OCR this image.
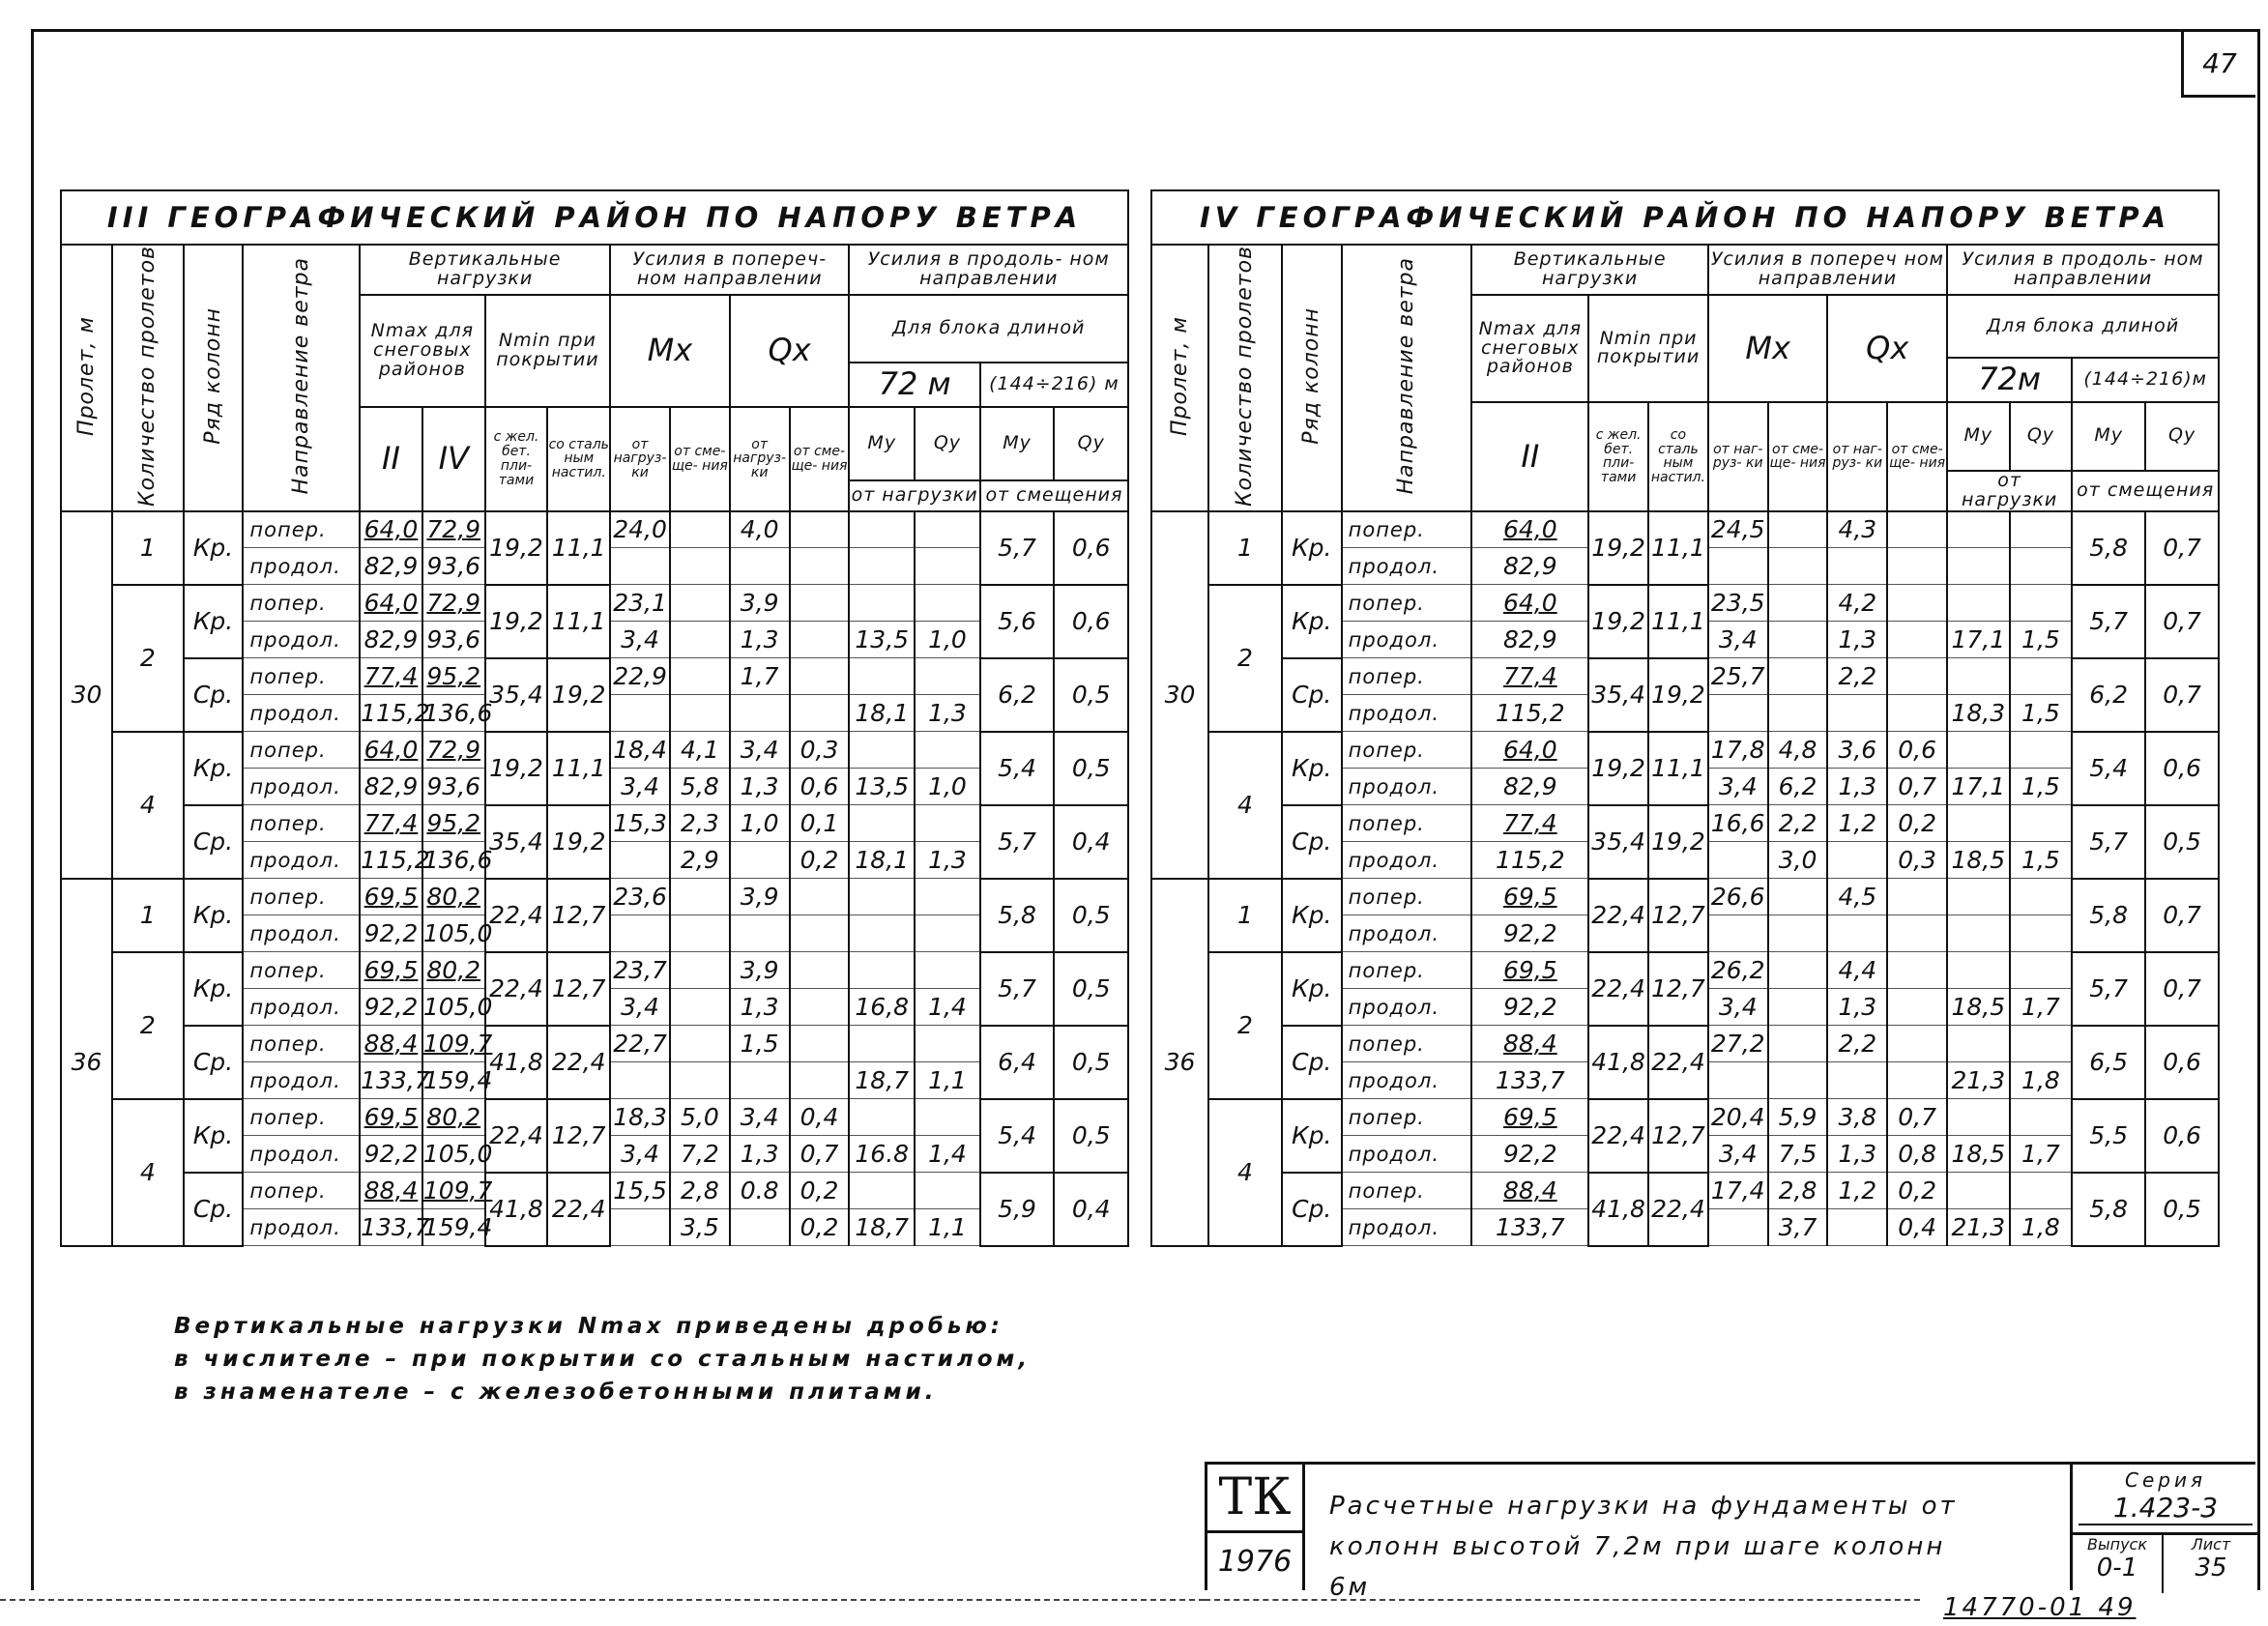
47
III ГЕОГРАФИЧЕСКИЙ РАЙОН ПО НАПОРУ ВЕТРА															
Пролет, м	Количество пролетов	Ряд колонн	Направление ветра	Вертикальные нагрузки				Усилия в попереч- ном направлении				Усилия в продоль- ном направлении			
				Nmax для снеговых районов		Nmin при покрытии		Mx		Qx		Для блока длиной			
												72 м		(144÷216) м	
				II	IV	с жел. бет. пли- тами	со сталь ным настил.	от нагруз- ки	от сме- ще- ния	от нагруз- ки	от сме- ще- ния	My	Qy	My	Qy
												от нагрузки		от смещения	
30	1	Кр.	попер.	64,0	72,9	19,2	11,1	24,0		4,0				5,7	0,6
			продол.	82,9	93,6										
	2	Кр.	попер.	64,0	72,9	19,2	11,1	23,1		3,9				5,6	0,6
			продол.	82,9	93,6			3,4		1,3		13,5	1,0		
		Ср.	попер.	77,4	95,2	35,4	19,2	22,9		1,7				6,2	0,5
			продол.	115,2	136,6							18,1	1,3		
	4	Кр.	попер.	64,0	72,9	19,2	11,1	18,4	4,1	3,4	0,3			5,4	0,5
			продол.	82,9	93,6			3,4	5,8	1,3	0,6	13,5	1,0		
		Ср.	попер.	77,4	95,2	35,4	19,2	15,3	2,3	1,0	0,1			5,7	0,4
			продол.	115,2	136,6				2,9		0,2	18,1	1,3		
36	1	Кр.	попер.	69,5	80,2	22,4	12,7	23,6		3,9				5,8	0,5
			продол.	92,2	105,0										
	2	Кр.	попер.	69,5	80,2	22,4	12,7	23,7		3,9				5,7	0,5
			продол.	92,2	105,0			3,4		1,3		16,8	1,4		
		Ср.	попер.	88,4	109,7	41,8	22,4	22,7		1,5				6,4	0,5
			продол.	133,7	159,4							18,7	1,1		
	4	Кр.	попер.	69,5	80,2	22,4	12,7	18,3	5,0	3,4	0,4			5,4	0,5
			продол.	92,2	105,0			3,4	7,2	1,3	0,7	16.8	1,4		
		Ср.	попер.	88,4	109,7	41,8	22,4	15,5	2,8	0.8	0,2			5,9	0,4
			продол.	133,7	159,4				3,5		0,2	18,7	1,1		
IV ГЕОГРАФИЧЕСКИЙ РАЙОН ПО НАПОРУ ВЕТРА														
Пролет, м	Количество пролетов	Ряд колонн	Направление ветра	Вертикальные нагрузки			Усилия в попереч ном направлении				Усилия в продоль- ном направлении			
				Nmax для снеговых районов	Nmin при покрытии		Mx		Qx		Для блока длиной			
											72м		(144÷216)м	
				II	с жел. бет. пли- тами	со сталь ным настил.	от наг- руз- ки	от сме- ще- ния	от наг- руз- ки	от сме- ще- ния	My	Qy	My	Qy
											от нагрузки		от смещения	
30	1	Кр.	попер.	64,0	19,2	11,1	24,5		4,3				5,8	0,7
			продол.	82,9										
	2	Кр.	попер.	64,0	19,2	11,1	23,5		4,2				5,7	0,7
			продол.	82,9			3,4		1,3		17,1	1,5		
		Ср.	попер.	77,4	35,4	19,2	25,7		2,2				6,2	0,7
			продол.	115,2							18,3	1,5		
	4	Кр.	попер.	64,0	19,2	11,1	17,8	4,8	3,6	0,6			5,4	0,6
			продол.	82,9			3,4	6,2	1,3	0,7	17,1	1,5		
		Ср.	попер.	77,4	35,4	19,2	16,6	2,2	1,2	0,2			5,7	0,5
			продол.	115,2				3,0		0,3	18,5	1,5		
36	1	Кр.	попер.	69,5	22,4	12,7	26,6		4,5				5,8	0,7
			продол.	92,2										
	2	Кр.	попер.	69,5	22,4	12,7	26,2		4,4				5,7	0,7
			продол.	92,2			3,4		1,3		18,5	1,7		
		Ср.	попер.	88,4	41,8	22,4	27,2		2,2				6,5	0,6
			продол.	133,7							21,3	1,8		
	4	Кр.	попер.	69,5	22,4	12,7	20,4	5,9	3,8	0,7			5,5	0,6
			продол.	92,2			3,4	7,5	1,3	0,8	18,5	1,7		
		Ср.	попер.	88,4	41,8	22,4	17,4	2,8	1,2	0,2			5,8	0,5
			продол.	133,7				3,7		0,4	21,3	1,8		
Вертикальные нагрузки Nmax приведены дробью:
в числителе – при покрытии со стальным настилом,
в знаменателе – с железобетонными плитами.
ТК
1976
Расчетные нагрузки на фундаменты от
колонн высотой 7,2м при шаге колонн 6м
Серия
1.423-3
Выпуск
0-1
Лист
35
14770-01 49
